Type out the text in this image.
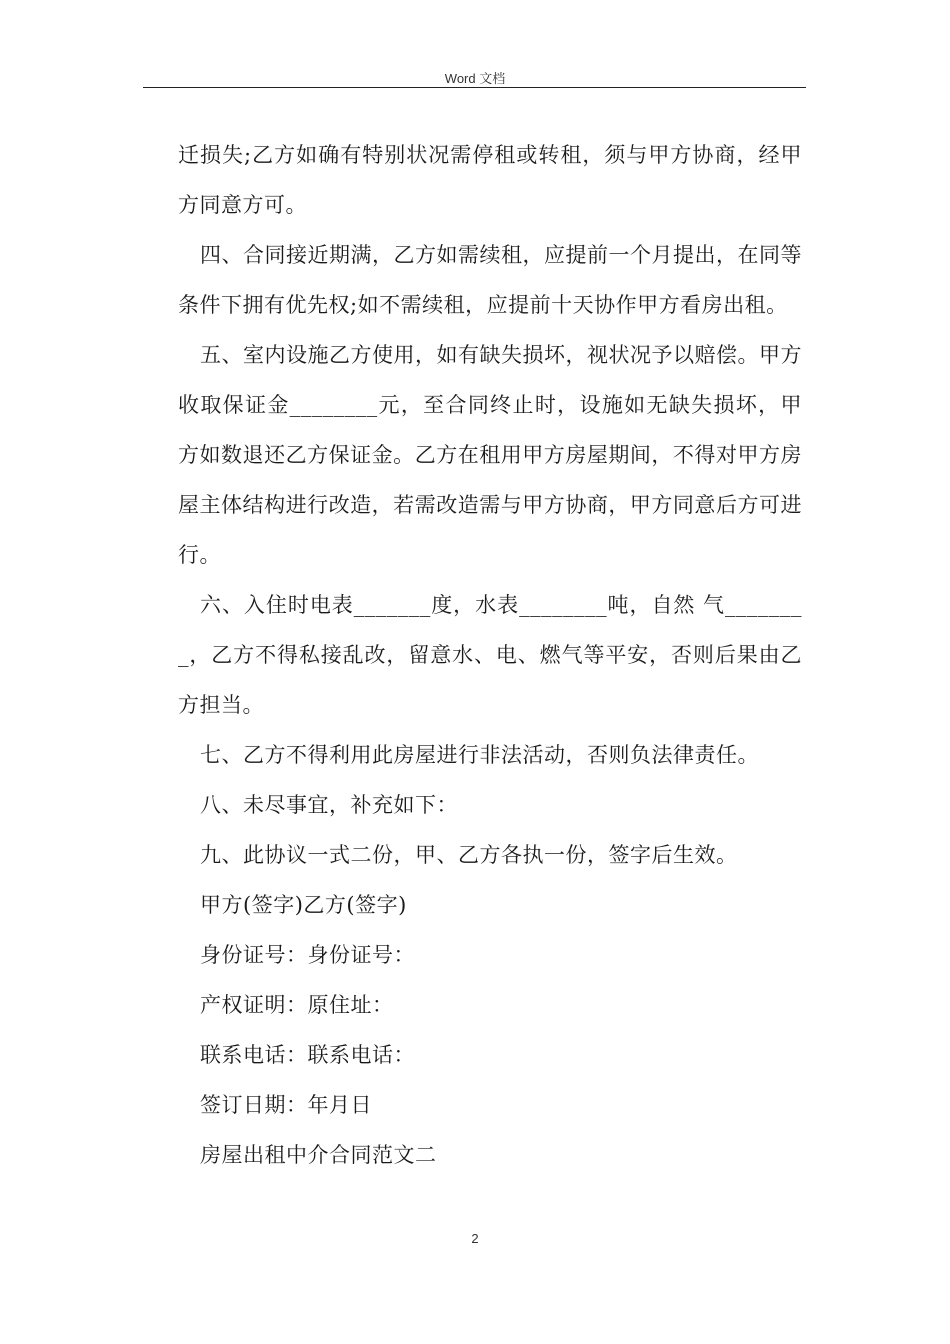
Word 文档

迁损失;乙方如确有特别状况需停租或转租，须与甲方协商，经甲方同意方可。

四、合同接近期满，乙方如需续租，应提前一个月提出，在同等条件下拥有优先权;如不需续租，应提前十天协作甲方看房出租。

五、室内设施乙方使用，如有缺失损坏，视状况予以赔偿。甲方收取保证金________元，至合同终止时，设施如无缺失损坏，甲方如数退还乙方保证金。乙方在租用甲方房屋期间，不得对甲方房屋主体结构进行改造，若需改造需与甲方协商，甲方同意后方可进行。

六、入住时电表_______度，水表________吨，自然 气________，乙方不得私接乱改，留意水、电、燃气等平安，否则后果由乙方担当。

七、乙方不得利用此房屋进行非法活动，否则负法律责任。

八、未尽事宜，补充如下：

九、此协议一式二份，甲、乙方各执一份，签字后生效。

甲方(签字)乙方(签字)

身份证号：身份证号：

产权证明：原住址：

联系电话：联系电话：

签订日期：年月日

房屋出租中介合同范文二

2
